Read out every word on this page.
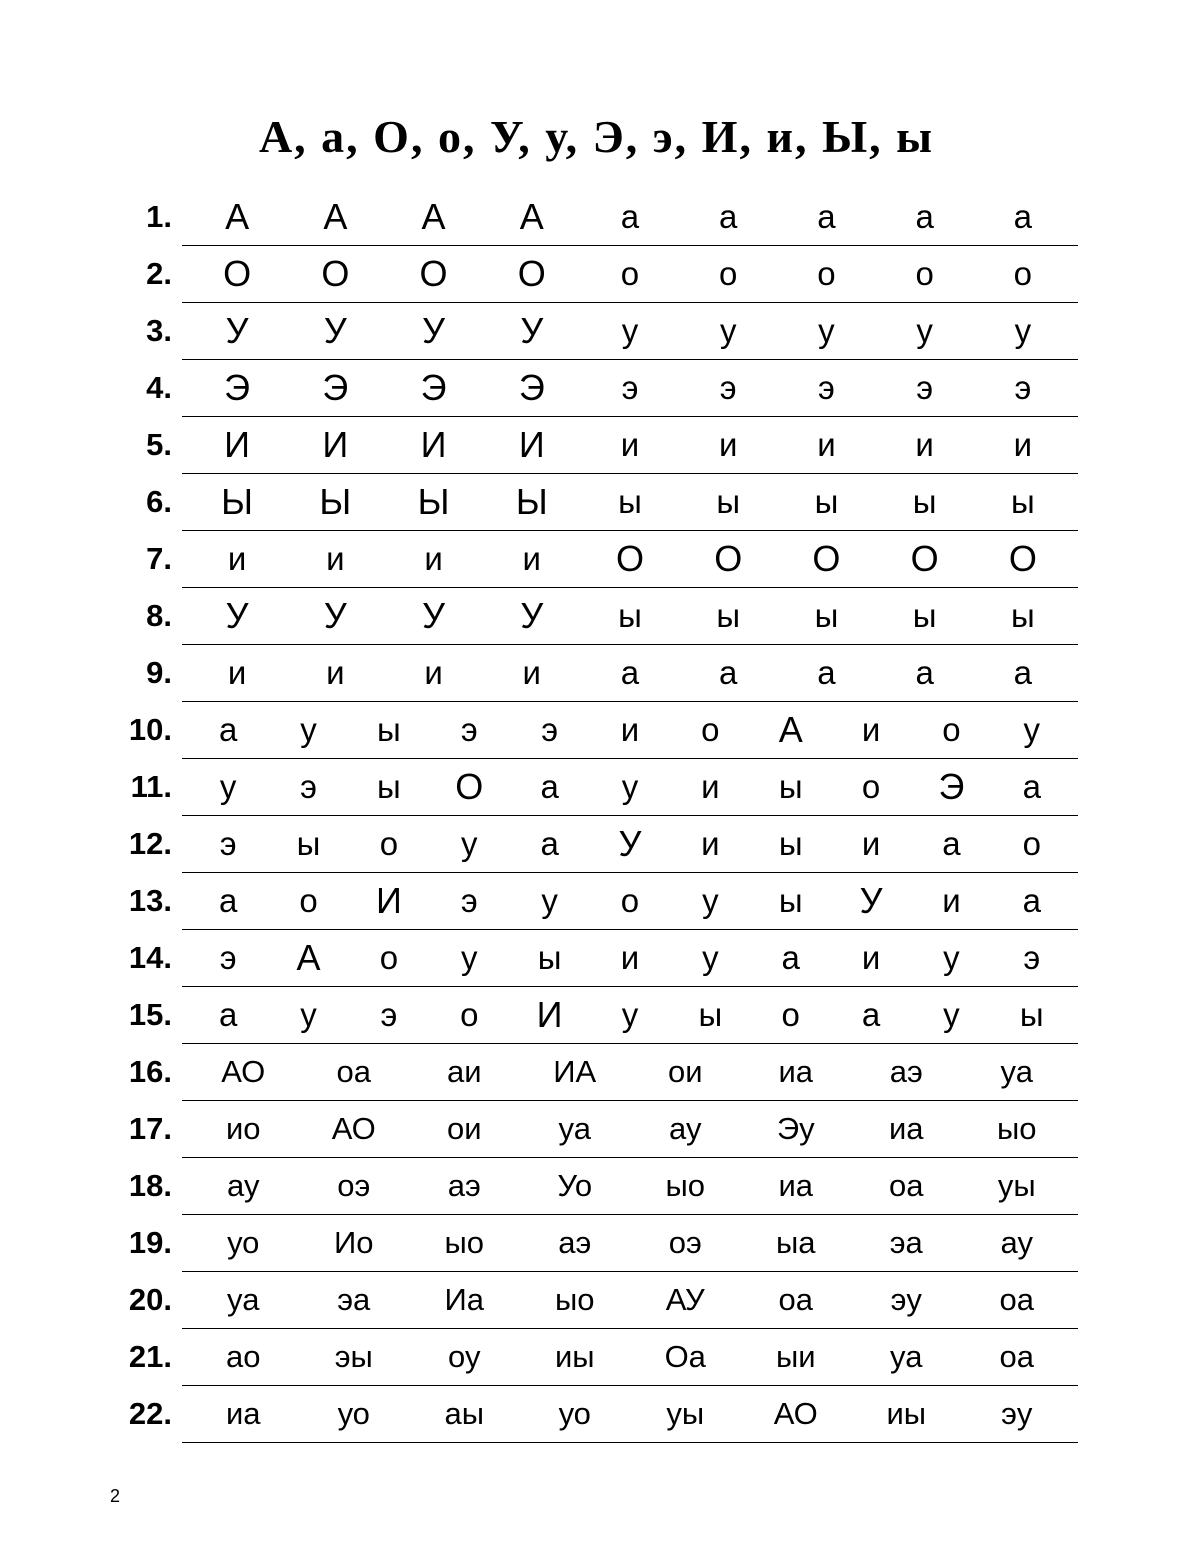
А, а, О, о, У, у, Э, э, И, и, Ы, ы
1.	А	А	А	А	а	а	а	а	а
2.	О	О	О	О	о	о	о	о	о
3.	У	У	У	У	у	у	у	у	у
4.	Э	Э	Э	Э	э	э	э	э	э
5.	И	И	И	И	и	и	и	и	и
6.	Ы	Ы	Ы	Ы	ы	ы	ы	ы	ы
7.	и	и	и	и	О	О	О	О	О
8.	У	У	У	У	ы	ы	ы	ы	ы
9.	и	и	и	и	а	а	а	а	а
10.	а	у	ы	э	э	и	о	А	и	о	у
11.	у	э	ы	О	а	у	и	ы	о	Э	а
12.	э	ы	о	у	а	У	и	ы	и	а	о
13.	а	о	И	э	у	о	у	ы	У	и	а
14.	э	А	о	у	ы	и	у	а	и	у	э
15.	а	у	э	о	И	у	ы	о	а	у	ы
16.	АО	оа	аи	ИА	ои	иа	аэ	уа
17.	ио	АО	ои	уа	ау	Эу	иа	ыо
18.	ау	оэ	аэ	Уо	ыо	иа	оа	уы
19.	уо	Ио	ыо	аэ	оэ	ыа	эа	ау
20.	уа	эа	Иа	ыо	АУ	оа	эу	оа
21.	ао	эы	оу	иы	Оа	ыи	уа	оа
22.	иа	уо	аы	уо	уы	АО	иы	эу
2
